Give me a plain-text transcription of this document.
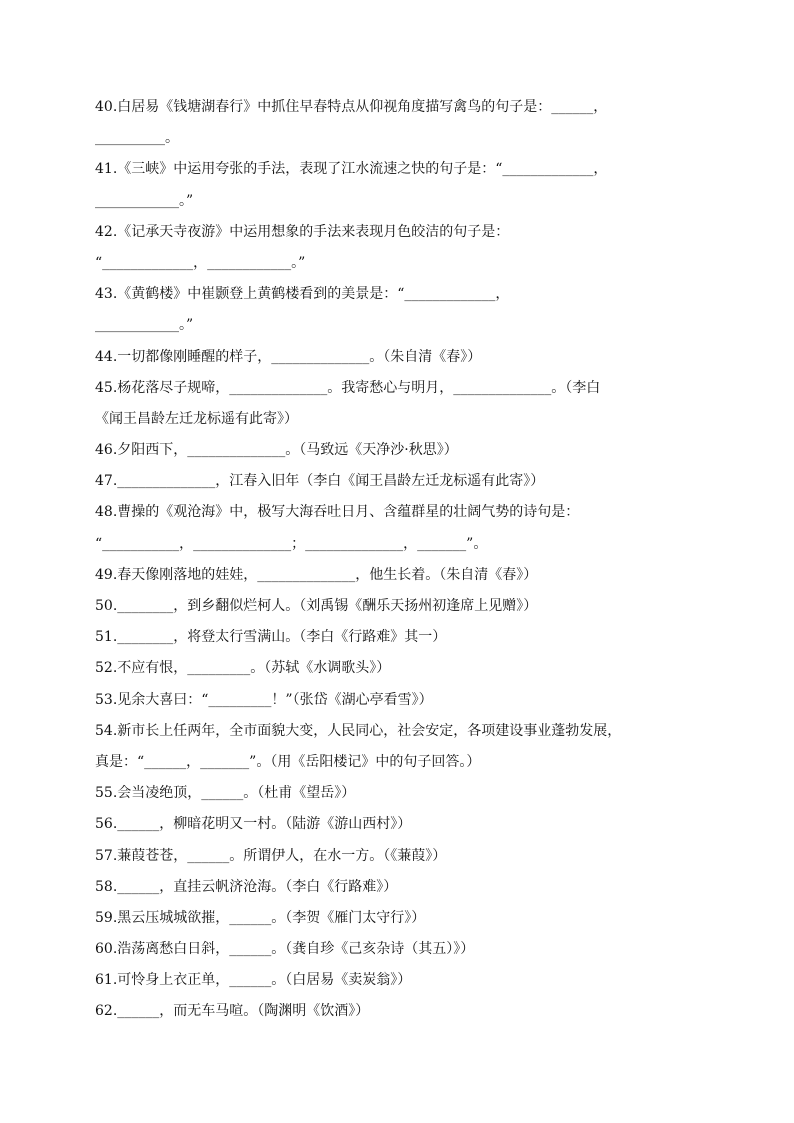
40.白居易《钱塘湖春行》中抓住早春特点从仰视角度描写禽鸟的句子是：______，
__________。
41.《三峡》中运用夸张的手法，表现了江水流速之快的句子是：“_____________，
____________。”
42.《记承天寺夜游》中运用想象的手法来表现月色皎洁的句子是：
“_____________，____________。”
43.《黄鹤楼》中崔颢登上黄鹤楼看到的美景是：“_____________，
____________。”
44.一切都像刚睡醒的样子，______________。（朱自清《春》）
45.杨花落尽子规啼，______________。我寄愁心与明月，______________。（李白
《闻王昌龄左迁龙标遥有此寄》）
46.夕阳西下，______________。（马致远《天净沙·秋思》）
47.______________，江春入旧年（李白《闻王昌龄左迁龙标遥有此寄》）
48.曹操的《观沧海》中，极写大海吞吐日月、含蕴群星的壮阔气势的诗句是：
“___________，______________；______________，_______”。
49.春天像刚落地的娃娃，______________，他生长着。（朱自清《春》）
50.________，到乡翻似烂柯人。（刘禹锡《酬乐天扬州初逢席上见赠》）
51.________，将登太行雪满山。（李白《行路难》其一）
52.不应有恨，_________。（苏轼《水调歌头》）
53.见余大喜曰：“_________！”（张岱《湖心亭看雪》）
54.新市长上任两年，全市面貌大变，人民同心，社会安定，各项建设事业蓬勃发展，
真是：“______，_______”。（用《岳阳楼记》中的句子回答。）
55.会当凌绝顶，______。（杜甫《望岳》）
56.______，柳暗花明又一村。（陆游《游山西村》）
57.蒹葭苍苍，______。所谓伊人，在水一方。（《蒹葭》）
58.______，直挂云帆济沧海。（李白《行路难》）
59.黑云压城城欲摧，______。（李贺《雁门太守行》）
60.浩荡离愁白日斜，______。（龚自珍《己亥杂诗（其五）》）
61.可怜身上衣正单，______。（白居易《卖炭翁》）
62.______，而无车马喧。（陶渊明《饮酒》）
